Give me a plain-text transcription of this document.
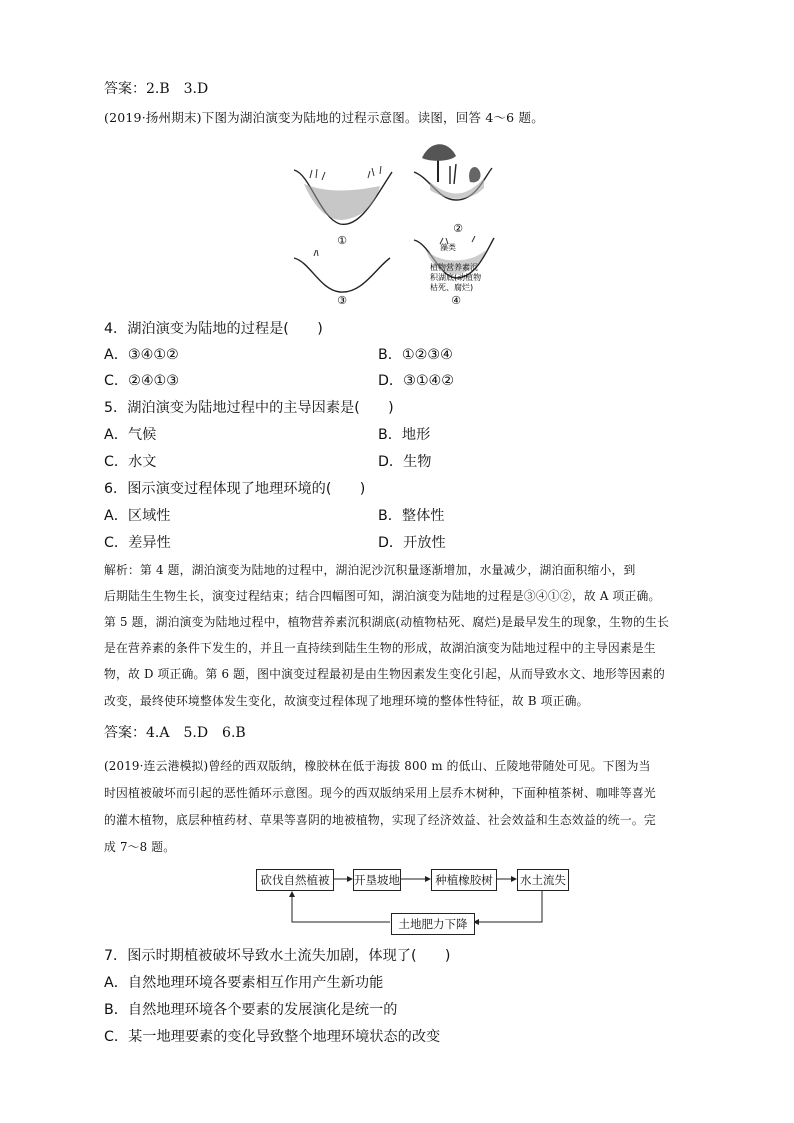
答案：2.B　3.D
(2019·扬州期末)下图为湖泊演变为陆地的过程示意图。读图，回答 4～6 题。
①
②
藻类
植物营养素沉
积湖底(动植物
枯死、腐烂)
③	④
4．湖泊演变为陆地的过程是(　　)
A．③④①②	B．①②③④
C．②④①③	D．③①④②
5．湖泊演变为陆地过程中的主导因素是(　　)
A．气候	B．地形
C．水文	D．生物
6．图示演变过程体现了地理环境的(　　)
A．区域性	B．整体性
C．差异性	D．开放性
解析：第 4 题，湖泊演变为陆地的过程中，湖泊泥沙沉积量逐渐增加，水量减少，湖泊面积缩小，到
后期陆生生物生长，演变过程结束；结合四幅图可知，湖泊演变为陆地的过程是③④①②，故 A 项正确。
第 5 题，湖泊演变为陆地过程中，植物营养素沉积湖底(动植物枯死、腐烂)是最早发生的现象，生物的生长
是在营养素的条件下发生的，并且一直持续到陆生生物的形成，故湖泊演变为陆地过程中的主导因素是生
物，故 D 项正确。第 6 题，图中演变过程最初是由生物因素发生变化引起，从而导致水文、地形等因素的
改变，最终使环境整体发生变化，故演变过程体现了地理环境的整体性特征，故 B 项正确。
答案：4.A　5.D　6.B
(2019·连云港模拟)曾经的西双版纳，橡胶林在低于海拔 800 m 的低山、丘陵地带随处可见。下图为当
时因植被破坏而引起的恶性循环示意图。现今的西双版纳采用上层乔木树种，下面种植茶树、咖啡等喜光
的灌木植物，底层种植药材、草果等喜阴的地被植物，实现了经济效益、社会效益和生态效益的统一。完
成 7～8 题。
砍伐自然植被	开垦坡地	种植橡胶树	水土流失
土地肥力下降
7．图示时期植被破坏导致水土流失加剧，体现了(　　)
A．自然地理环境各要素相互作用产生新功能
B．自然地理环境各个要素的发展演化是统一的
C．某一地理要素的变化导致整个地理环境状态的改变
